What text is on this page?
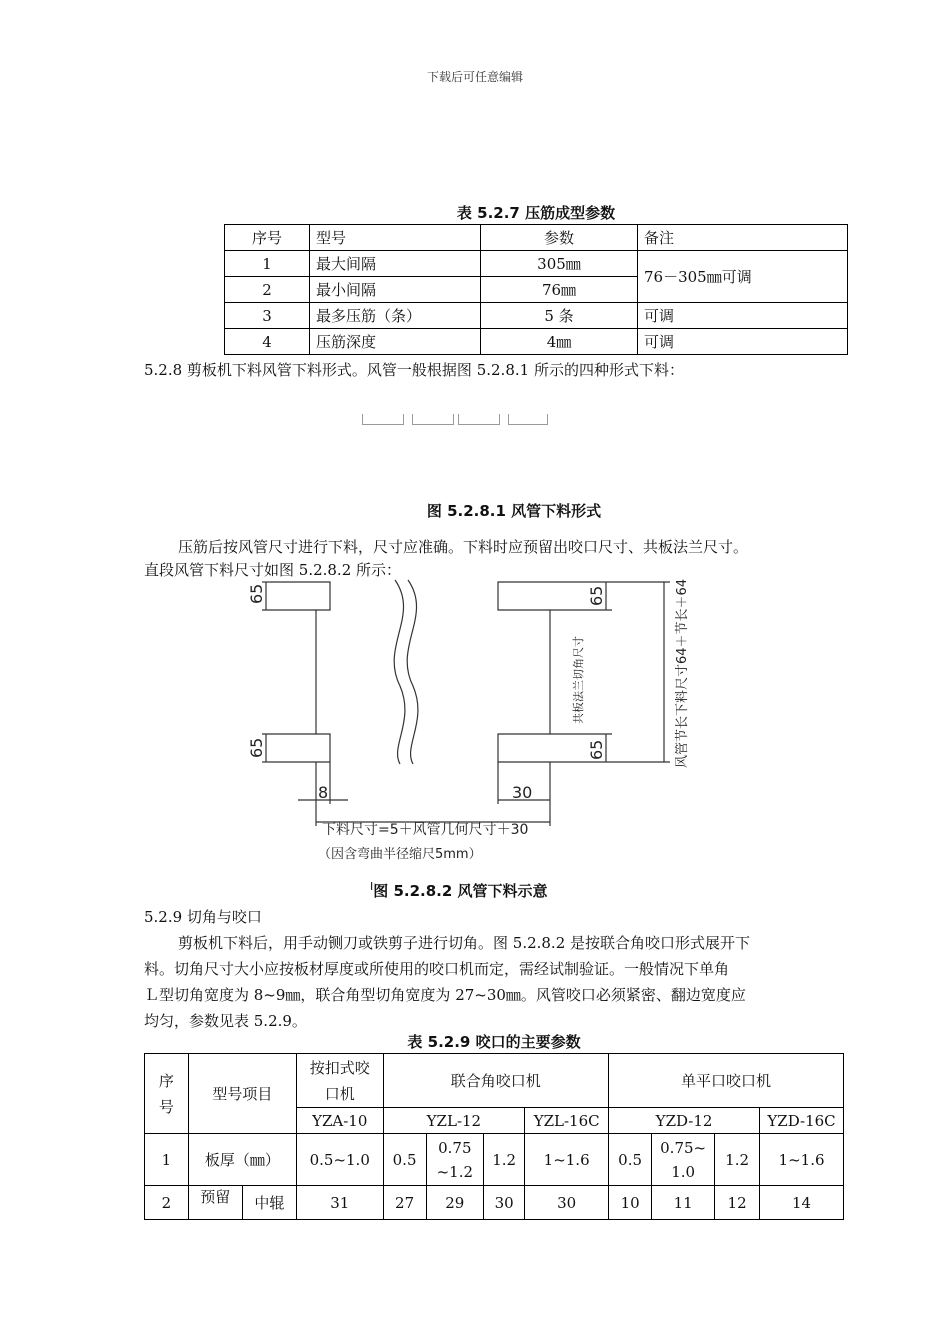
下载后可任意编辑
表 5.2.7 压筋成型参数
序号	型号	参数	备注
1	最大间隔	305㎜	76－305㎜可调
2	最小间隔	76㎜	
3	最多压筋（条）	5 条	可调
4	压筋深度	4㎜	可调
5.2.8 剪板机下料风管下料形式。风管一般根据图 5.2.8.1 所示的四种形式下料：
图 5.2.8.1 风管下料形式
压筋后按风管尺寸进行下料，尺寸应准确。下料时应预留出咬口尺寸、共板法兰尺寸。
直段风管下料尺寸如图 5.2.8.2 所示：
65
65
65
65
共板法兰切角尺寸	风管节长下料尺寸64＋节长＋64
8	30
下料尺寸=5＋风管几何尺寸＋30
（因含弯曲半径缩尺5mm）
$^I$图 5.2.8.2 风管下料示意
5.2.9 切角与咬口
剪板机下料后，用手动铡刀或铁剪子进行切角。图 5.2.8.2 是按联合角咬口形式展开下
料。切角尺寸大小应按板材厚度或所使用的咬口机而定，需经试制验证。一般情况下单角
Ｌ型切角宽度为 8~9㎜，联合角型切角宽度为 27~30㎜。风管咬口必须紧密、翻边宽度应
均匀，参数见表 5.2.9。
表 5.2.9 咬口的主要参数
序号	型号项目		按扣式咬口机	联合角咬口机				单平口咬口机			
			YZA-10	YZL-12			YZL-16C	YZD-12			YZD-16C
1	板厚（㎜）		0.5~1.0	0.5	0.75 ~1.2	1.2	1~1.6	0.5	0.75~ 1.0	1.2	1~1.6
2	预留	中辊	31	27	29	30	30	10	11	12	14
